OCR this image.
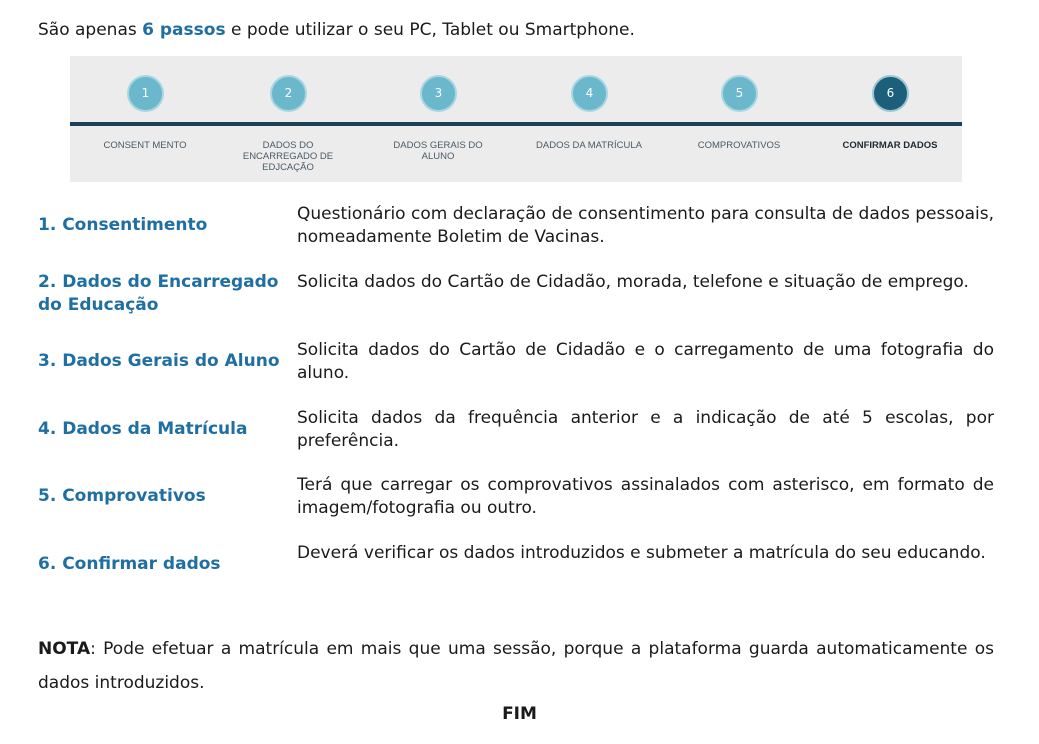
São apenas 6 passos e pode utilizar o seu PC, Tablet ou Smartphone.
1
CONSENT MENTO
2
DADOS DO ENCARREGADO DE EDJCAÇÃO
3
DADOS GERAIS DO ALUNO
4
DADOS DA MATRÍCULA
5
COMPROVATIVOS
6
CONFIRMAR DADOS
1. Consentimento
Questionário com declaração de consentimento para consulta de dados pessoais, nomeadamente Boletim de Vacinas.
2. Dados do Encarregado do Educação
Solicita dados do Cartão de Cidadão, morada, telefone e situação de emprego.
3. Dados Gerais do Aluno
Solicita dados do Cartão de Cidadão e o carregamento de uma fotografia do aluno.
4. Dados da Matrícula
Solicita dados da frequência anterior e a indicação de até 5 escolas, por preferência.
5. Comprovativos
Terá que carregar os comprovativos assinalados com asterisco, em formato de imagem/fotografia ou outro.
6. Confirmar dados
Deverá verificar os dados introduzidos e submeter a matrícula do seu educando.
NOTA: Pode efetuar a matrícula em mais que uma sessão, porque a plataforma guarda automaticamente os dados introduzidos.
FIM
